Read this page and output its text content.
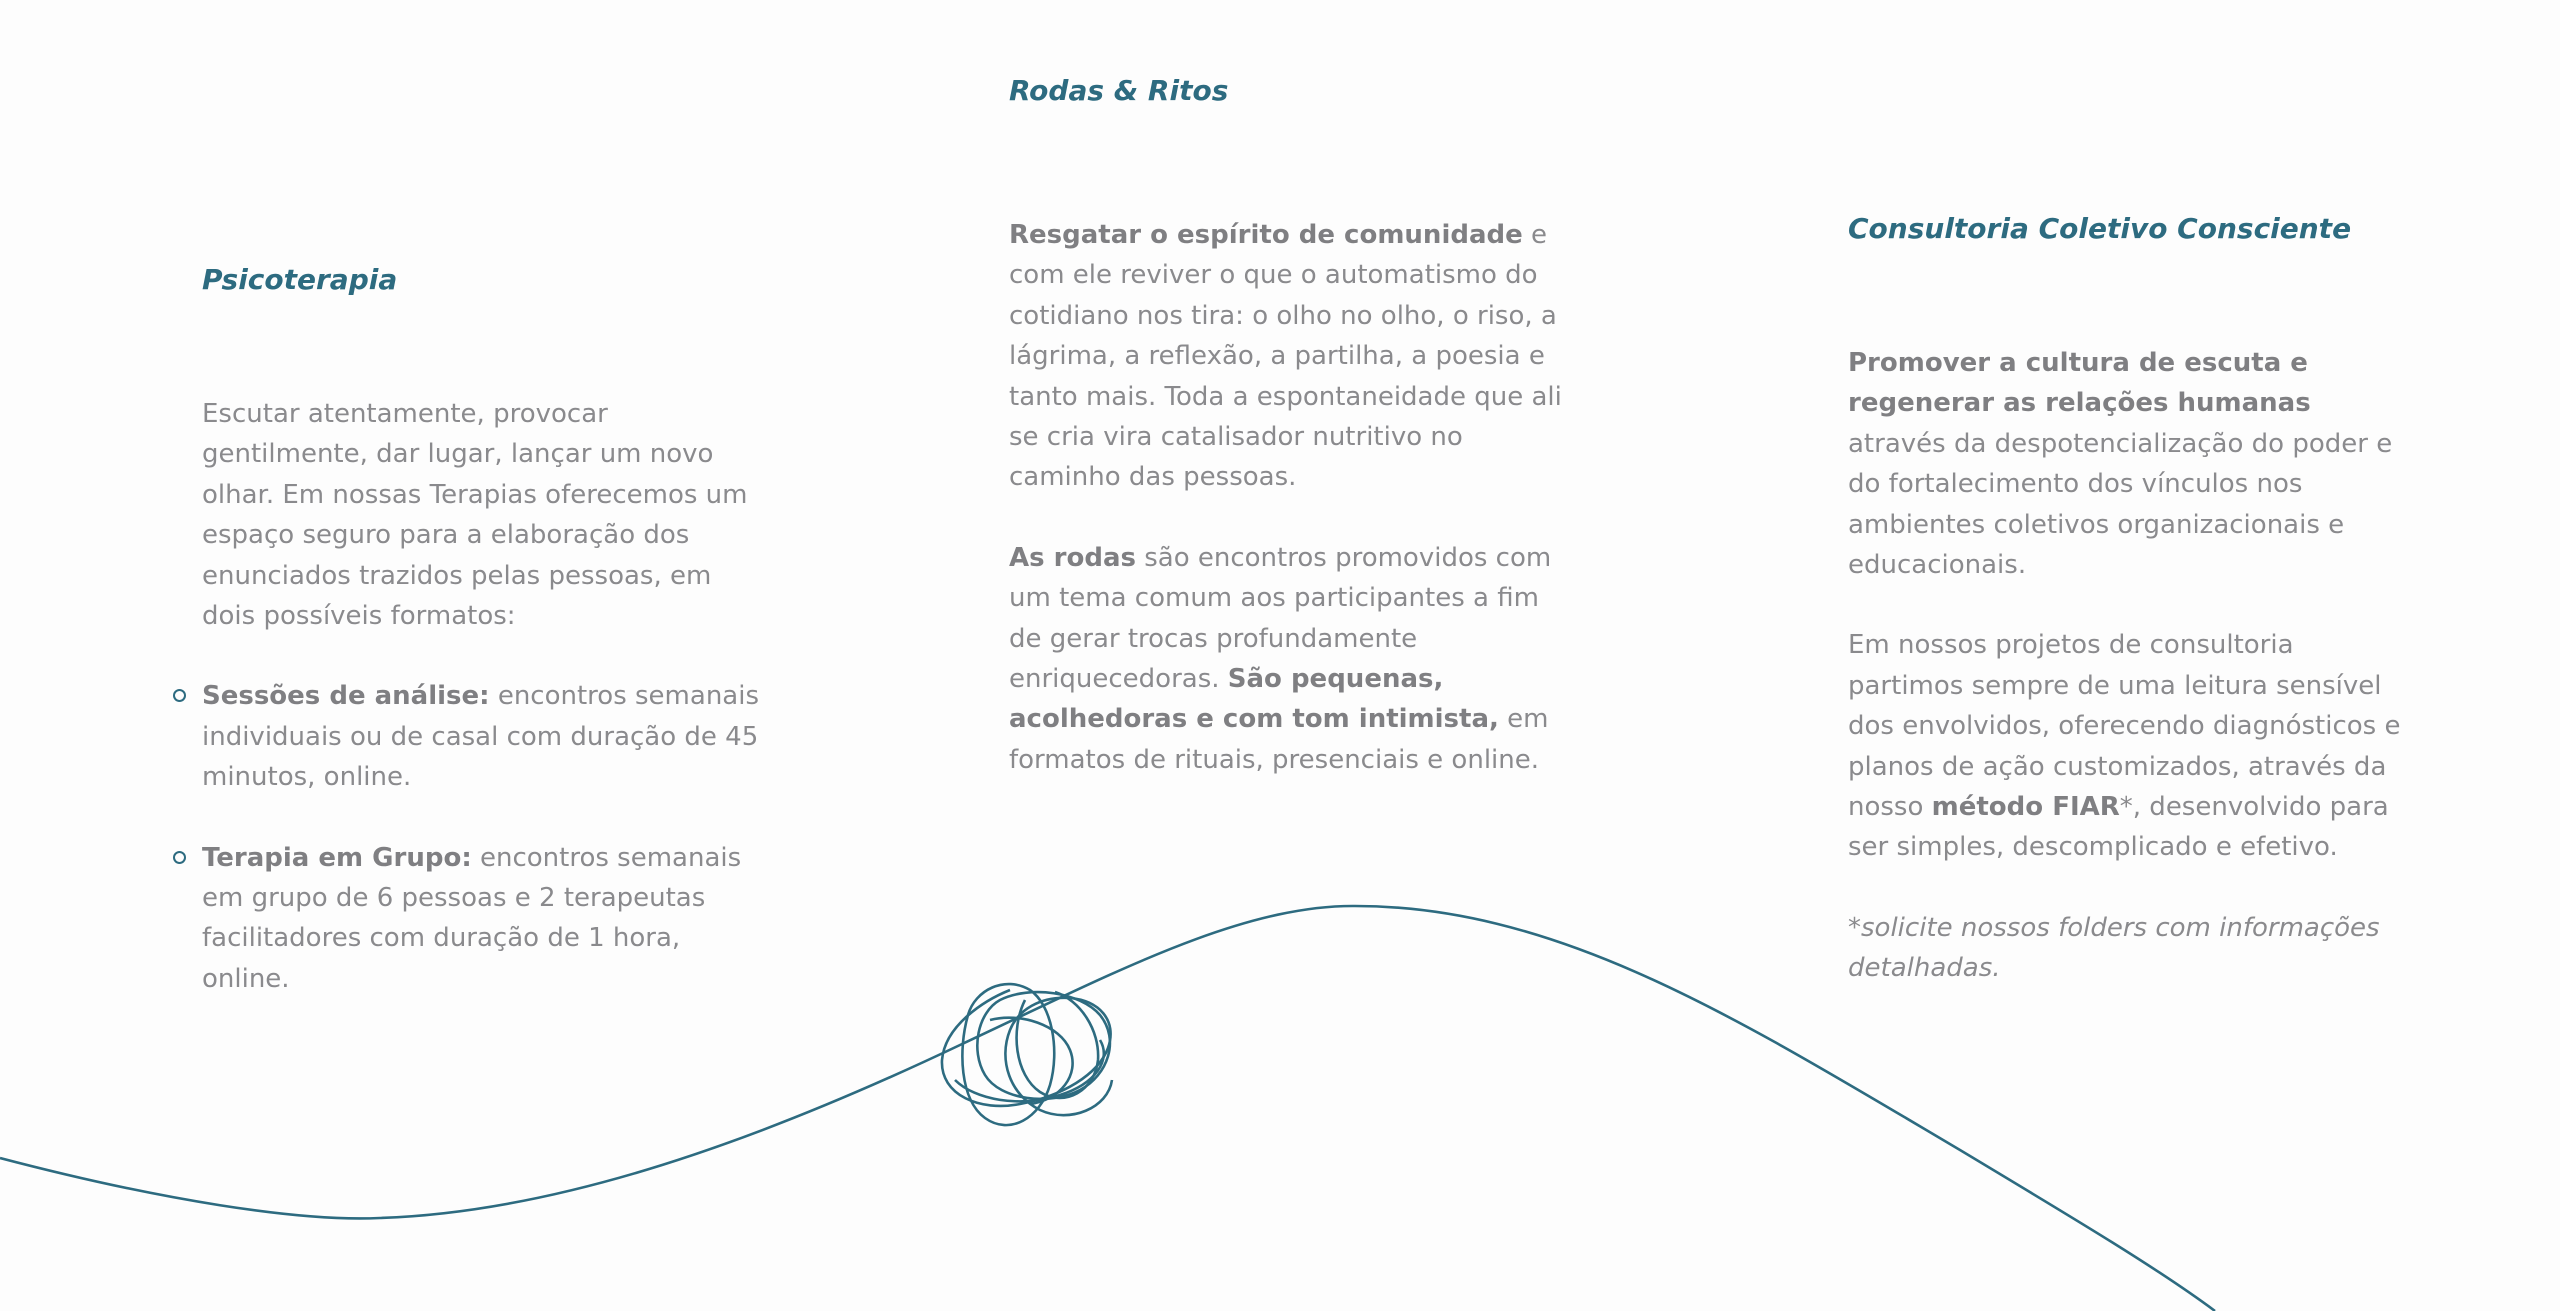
Psicoterapia

Escutar atentamente, provocar gentilmente, dar lugar, lançar um novo olhar. Em nossas Terapias oferecemos um espaço seguro para a elaboração dos enunciados trazidos pelas pessoas, em dois possíveis formatos:

Sessões de análise: encontros semanais individuais ou de casal com duração de 45 minutos, online.
Terapia em Grupo: encontros semanais em grupo de 6 pessoas e 2 terapeutas facilitadores com duração de 1 hora, online.
Rodas & Ritos

Resgatar o espírito de comunidade e com ele reviver o que o automatismo do cotidiano nos tira: o olho no olho, o riso, a lágrima, a reflexão, a partilha, a poesia e tanto mais. Toda a espontaneidade que ali se cria vira catalisador nutritivo no caminho das pessoas.

As rodas são encontros promovidos com um tema comum aos participantes a fim de gerar trocas profundamente enriquecedoras. São pequenas, acolhedoras e com tom intimista, em formatos de rituais, presenciais e online.

Consultoria Coletivo Consciente

Promover a cultura de escuta e regenerar as relações humanas através da despotencialização do poder e do fortalecimento dos vínculos nos ambientes coletivos organizacionais e educacionais.

Em nossos projetos de consultoria partimos sempre de uma leitura sensível dos envolvidos, oferecendo diagnósticos e planos de ação customizados, através da nosso método FIAR*, desenvolvido para ser simples, descomplicado e efetivo.

*solicite nossos folders com informações detalhadas.
